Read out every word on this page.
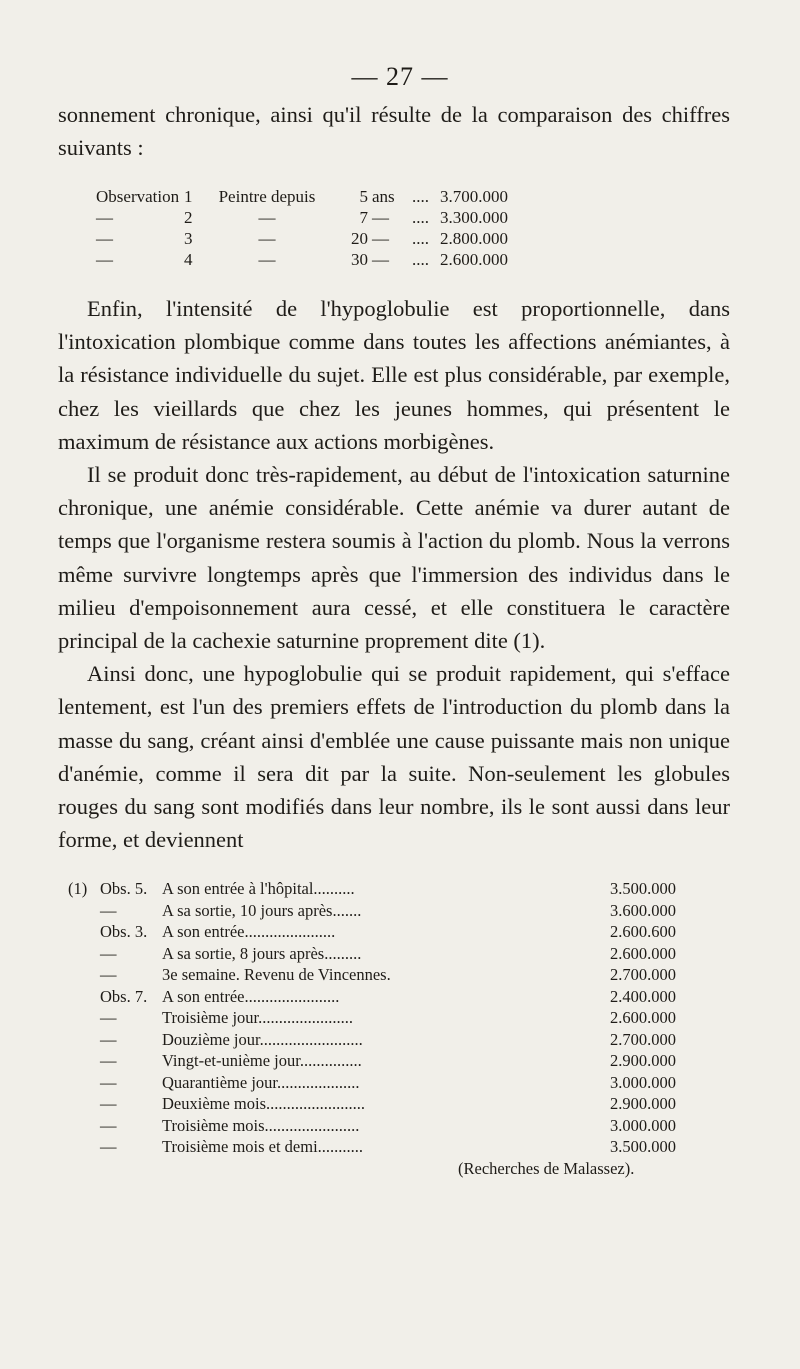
— 27 —

sonnement chronique, ainsi qu'il résulte de la comparaison des chiffres suivants :

Observation	1	Peintre depuis	5	ans	....	3.700.000
—	2	—	7	—	....	3.300.000
—	3	—	20	—	....	2.800.000
—	4	—	30	—	....	2.600.000

Enfin, l'intensité de l'hypoglobulie est proportionnelle, dans l'intoxication plombique comme dans toutes les affections anémiantes, à la résistance individuelle du sujet. Elle est plus considérable, par exemple, chez les vieillards que chez les jeunes hommes, qui présentent le maximum de résistance aux actions morbigènes.

Il se produit donc très-rapidement, au début de l'intoxication saturnine chronique, une anémie considérable. Cette anémie va durer autant de temps que l'organisme restera soumis à l'action du plomb. Nous la verrons même survivre longtemps après que l'immersion des individus dans le milieu d'empoisonnement aura cessé, et elle constituera le caractère principal de la cachexie saturnine proprement dite (1).

Ainsi donc, une hypoglobulie qui se produit rapidement, qui s'efface lentement, est l'un des premiers effets de l'introduction du plomb dans la masse du sang, créant ainsi d'emblée une cause puissante mais non unique d'anémie, comme il sera dit par la suite. Non-seulement les globules rouges du sang sont modifiés dans leur nombre, ils le sont aussi dans leur forme, et deviennent

(1) Obs. 5. A son entrée à l'hôpital..........	3.500.000
—	A sa sortie, 10 jours après.......	3.600.000
Obs. 3. A son entrée......................	2.600.600
—	A sa sortie, 8 jours après.........	2.600.000
—	3e semaine. Revenu de Vincennes.	2.700.000
Obs. 7. A son entrée.......................	2.400.000
—	Troisième jour.......................	2.600.000
—	Douzième jour.........................	2.700.000
—	Vingt-et-unième jour...............	2.900.000
—	Quarantième jour....................	3.000.000
—	Deuxième mois........................	2.900.000
—	Troisième mois.......................	3.000.000
—	Troisième mois et demi...........	3.500.000
(Recherches de Malassez).
